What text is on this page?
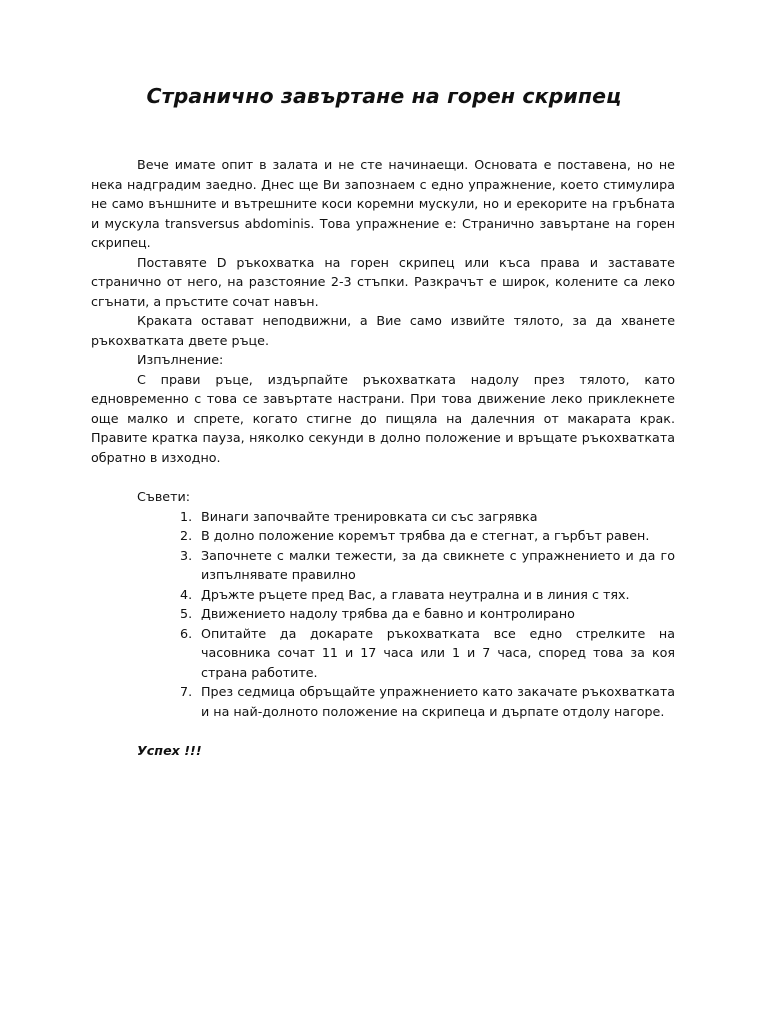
Странично завъртане на горен скрипец

Вече имате опит в залата и не сте начинаещи. Основата е поставена, но не нека надградим заедно. Днес ще Ви запознаем с едно упражнение, което стимулира не само външните и вътрешните коси коремни мускули, но и ерекорите на гръбната и мускула transversus abdominis. Това упражнение е: Странично завъртане на горен скрипец.

Поставяте D ръкохватка на горен скрипец или къса права и заставате странично от него, на разстояние 2-3 стъпки. Разкрачът е широк, колените са леко сгънати, а пръстите сочат навън.

Краката остават неподвижни, а Вие само извийте тялото, за да хванете ръкохватката двете ръце.

Изпълнение:

С прави ръце, издърпайте ръкохватката надолу през тялото, като едновременно с това се завъртате настрани. При това движение леко приклекнете още малко и спрете, когато стигне до пищяла на далечния от макарата крак. Правите кратка пауза, няколко секунди в долно положение и връщате ръкохватката обратно в изходно.

Съвети:

1. Винаги започвайте тренировката си със загрявка
2. В долно положение коремът трябва да е стегнат, а гърбът равен.
3. Започнете с малки тежести, за да свикнете с упражнението и да го изпълнявате правилно
4. Дръжте ръцете пред Вас, а главата неутрална и в линия с тях.
5. Движението надолу трябва да е бавно и контролирано
6. Опитайте да докарате ръкохватката все едно стрелките на часовника сочат 11 и 17 часа или 1 и 7 часа, според това за коя страна работите.
7. През седмица обръщайте упражнението като закачате ръкохватката и на най-долното положение на скрипеца и дърпате отдолу нагоре.

Успех !!!
